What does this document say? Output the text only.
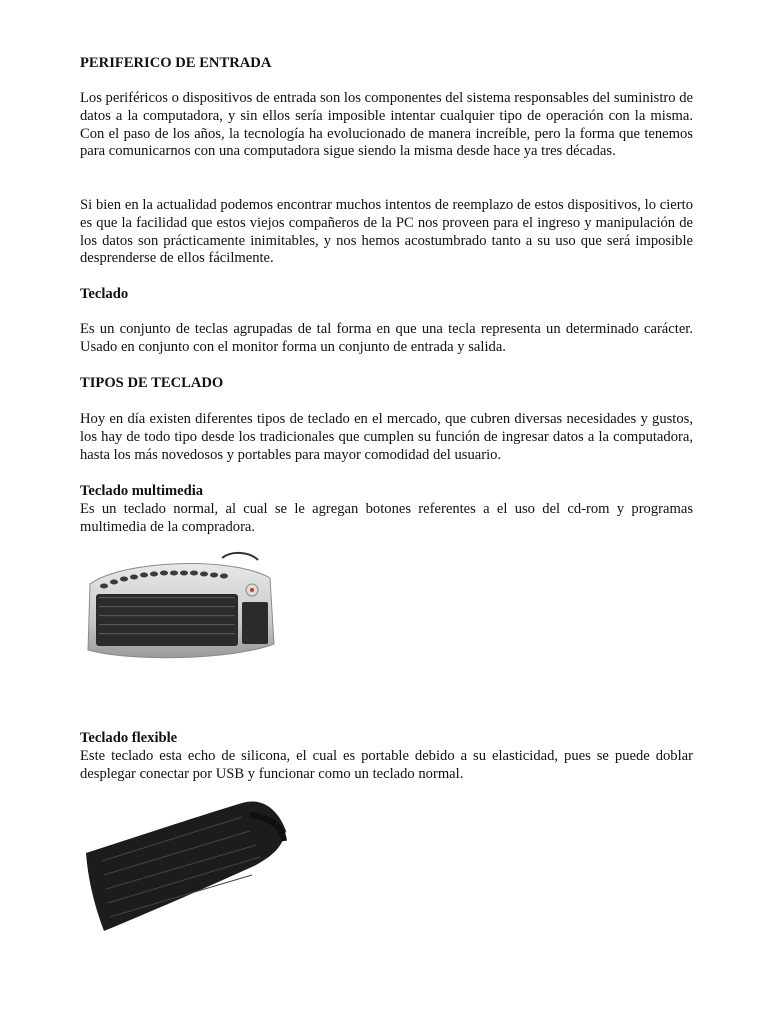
PERIFERICO DE ENTRADA

Los periféricos o dispositivos de entrada son los componentes del sistema responsables del suministro de datos a la computadora, y sin ellos sería imposible intentar cualquier tipo de operación con la misma. Con el paso de los años, la tecnología ha evolucionado de manera increíble, pero la forma que tenemos para comunicarnos con una computadora sigue siendo la misma desde hace ya tres décadas.

Si bien en la actualidad podemos encontrar muchos intentos de reemplazo de estos dispositivos, lo cierto es que la facilidad que estos viejos compañeros de la PC nos proveen para el ingreso y manipulación de los datos son prácticamente inimitables, y nos hemos acostumbrado tanto a su uso que será imposible desprenderse de ellos fácilmente.

Teclado

Es un conjunto de teclas agrupadas de tal forma en que una tecla representa un determinado carácter. Usado en conjunto con el monitor forma un conjunto de entrada y salida.

TIPOS DE TECLADO

Hoy en día existen diferentes tipos de teclado en el mercado, que cubren diversas necesidades y gustos, los hay de todo tipo desde los tradicionales que cumplen su función de ingresar datos a la computadora, hasta los más novedosos y portables para mayor comodidad del usuario.

Teclado multimedia

Es un teclado normal, al cual se le agregan botones referentes a el uso del cd-rom y programas multimedia de la compradora.

Teclado flexible

Este teclado esta echo de silicona, el cual es portable debido a su elasticidad, pues se puede doblar desplegar conectar por USB y funcionar como un teclado normal.
